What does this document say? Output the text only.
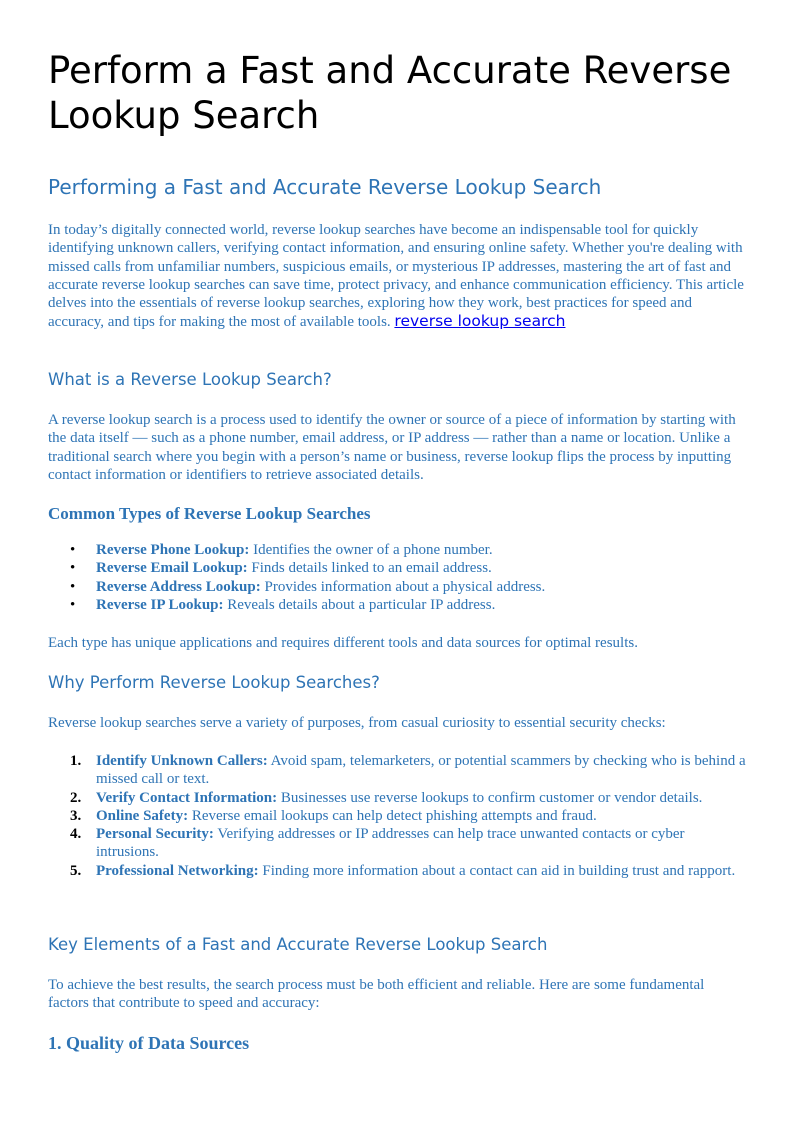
Perform a Fast and Accurate Reverse Lookup Search
Performing a Fast and Accurate Reverse Lookup Search

In today’s digitally connected world, reverse lookup searches have become an indispensable tool for quickly identifying unknown callers, verifying contact information, and ensuring online safety. Whether you're dealing with missed calls from unfamiliar numbers, suspicious emails, or mysterious IP addresses, mastering the art of fast and accurate reverse lookup searches can save time, protect privacy, and enhance communication efficiency. This article delves into the essentials of reverse lookup searches, exploring how they work, best practices for speed and accuracy, and tips for making the most of available tools. reverse lookup search

What is a Reverse Lookup Search?

A reverse lookup search is a process used to identify the owner or source of a piece of information by starting with the data itself — such as a phone number, email address, or IP address — rather than a name or location. Unlike a traditional search where you begin with a person’s name or business, reverse lookup flips the process by inputting contact information or identifiers to retrieve associated details.

Common Types of Reverse Lookup Searches
• Reverse Phone Lookup: Identifies the owner of a phone number.
• Reverse Email Lookup: Finds details linked to an email address.
• Reverse Address Lookup: Provides information about a physical address.
• Reverse IP Lookup: Reveals details about a particular IP address.

Each type has unique applications and requires different tools and data sources for optimal results.

Why Perform Reverse Lookup Searches?

Reverse lookup searches serve a variety of purposes, from casual curiosity to essential security checks:

1. Identify Unknown Callers: Avoid spam, telemarketers, or potential scammers by checking who is behind a missed call or text.
2. Verify Contact Information: Businesses use reverse lookups to confirm customer or vendor details.
3. Online Safety: Reverse email lookups can help detect phishing attempts and fraud.
4. Personal Security: Verifying addresses or IP addresses can help trace unwanted contacts or cyber intrusions.
5. Professional Networking: Finding more information about a contact can aid in building trust and rapport.
Key Elements of a Fast and Accurate Reverse Lookup Search

To achieve the best results, the search process must be both efficient and reliable. Here are some fundamental factors that contribute to speed and accuracy:

1. Quality of Data Sources
